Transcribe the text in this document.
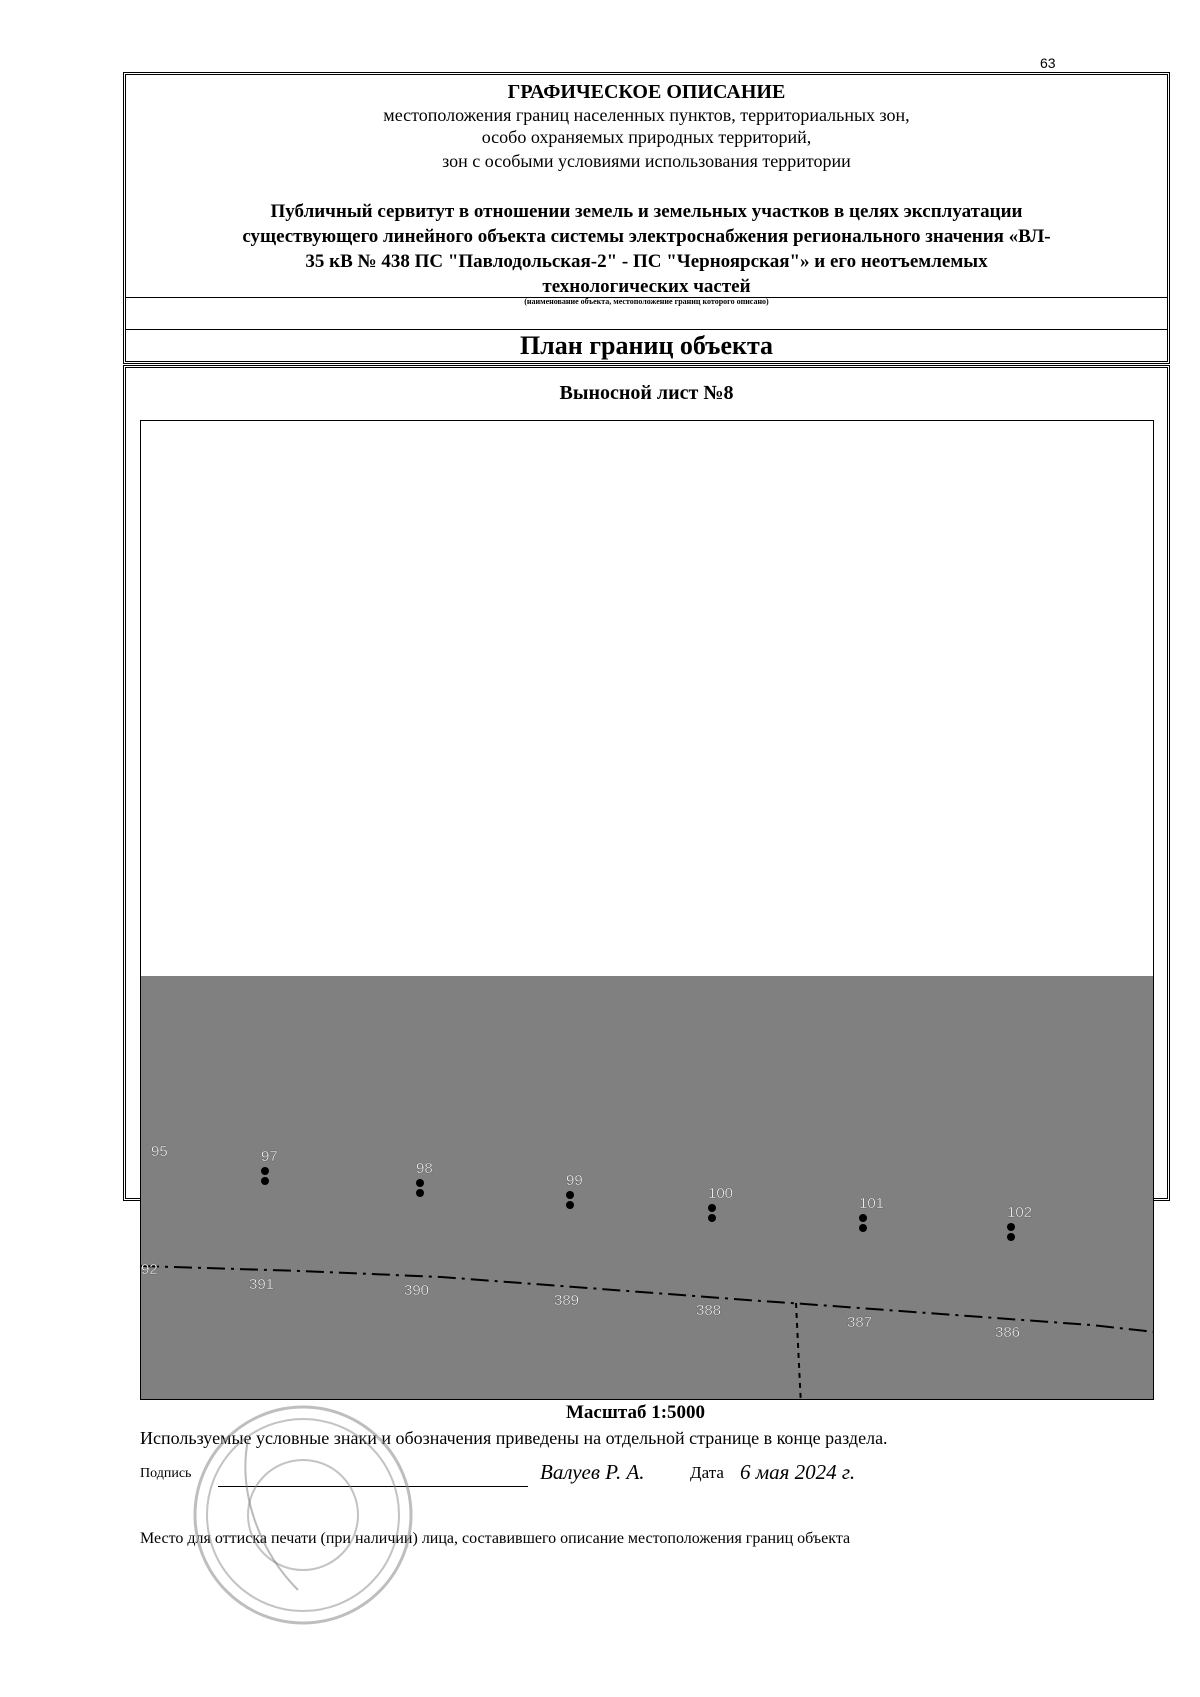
63
ГРАФИЧЕСКОЕ ОПИСАНИЕ
местоположения границ населенных пунктов, территориальных зон,
особо охраняемых природных территорий,
зон с особыми условиями использования территории
Публичный сервитут в отношении земель и земельных участков в целях эксплуатации
существующего линейного объекта системы электроснабжения регионального значения «ВЛ-
35 кВ № 438 ПС "Павлодольская-2" - ПС "Черноярская"» и его неотъемлемых
технологических частей
(наименование объекта, местоположение границ которого описано)
План границ объекта
Выносной лист №8
95
92
97
391
98
390
99
389
100
388
101
387
102
386
Масштаб 1:5000
Используемые условные знаки и обозначения приведены на отдельной странице в конце раздела.
Подпись	Валуев Р. А.	Дата 6 мая 2024 г.
Место для оттиска печати (при наличии) лица, составившего описание местоположения границ объекта
